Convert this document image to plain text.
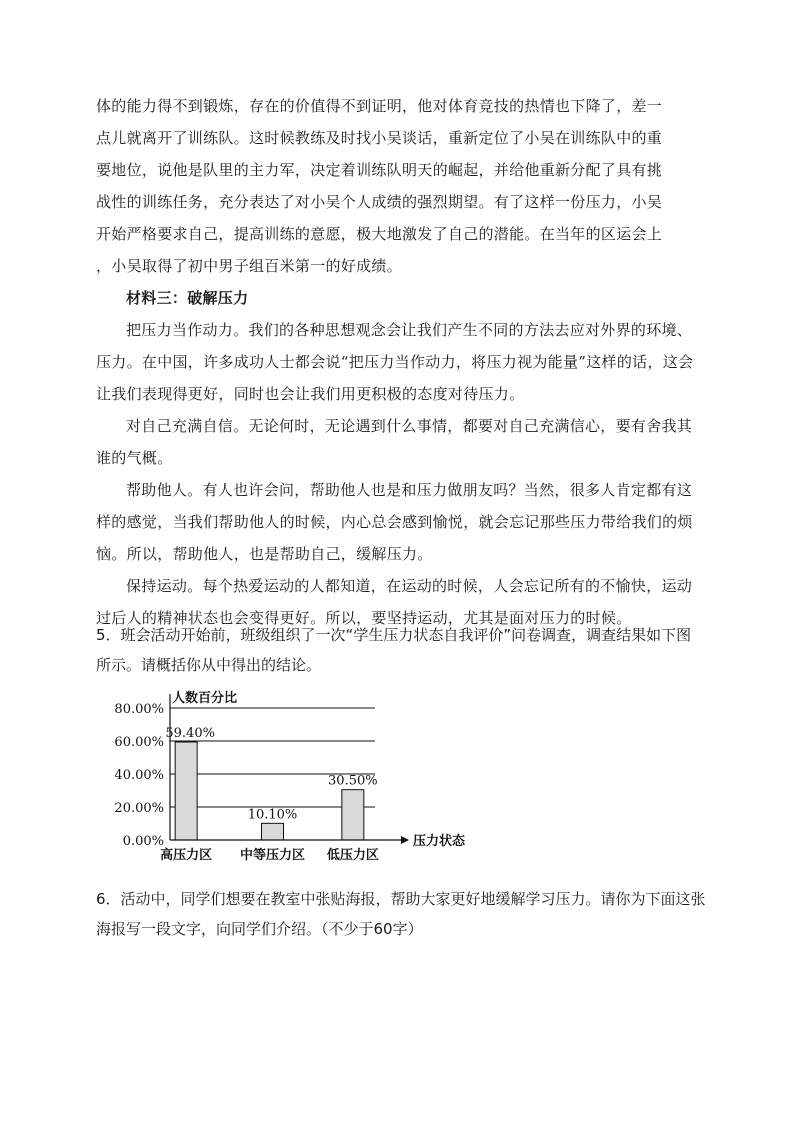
体的能力得不到锻炼，存在的价值得不到证明，他对体育竞技的热情也下降了，差一

点儿就离开了训练队。这时候教练及时找小吴谈话，重新定位了小吴在训练队中的重

要地位，说他是队里的主力军，决定着训练队明天的崛起，并给他重新分配了具有挑

战性的训练任务，充分表达了对小吴个人成绩的强烈期望。有了这样一份压力，小吴

开始严格要求自己，提高训练的意愿，极大地激发了自己的潜能。在当年的区运会上

，小吴取得了初中男子组百米第一的好成绩。

材料三：破解压力

把压力当作动力。我们的各种思想观念会让我们产生不同的方法去应对外界的环境、压力。在中国，许多成功人士都会说“把压力当作动力，将压力视为能量”这样的话，这会让我们表现得更好，同时也会让我们用更积极的态度对待压力。

对自己充满自信。无论何时，无论遇到什么事情，都要对自己充满信心，要有舍我其谁的气概。

帮助他人。有人也许会问，帮助他人也是和压力做朋友吗？当然，很多人肯定都有这样的感觉，当我们帮助他人的时候，内心总会感到愉悦，就会忘记那些压力带给我们的烦恼。所以，帮助他人，也是帮助自己，缓解压力。

保持运动。每个热爱运动的人都知道，在运动的时候，人会忘记所有的不愉快，运动过后人的精神状态也会变得更好。所以，要坚持运动，尤其是面对压力的时候。

5．班会活动开始前，班级组织了一次“学生压力状态自我评价”问卷调查，调查结果如下图所示。请概括你从中得出的结论。

80.00%
60.00%
40.00%
20.00%
0.00%
59.40%
高压力区
10.10%
中等压力区
30.50%
低压力区
人数百分比
压力状态

6．活动中，同学们想要在教室中张贴海报，帮助大家更好地缓解学习压力。请你为下面这张海报写一段文字，向同学们介绍。（不少于60字）
